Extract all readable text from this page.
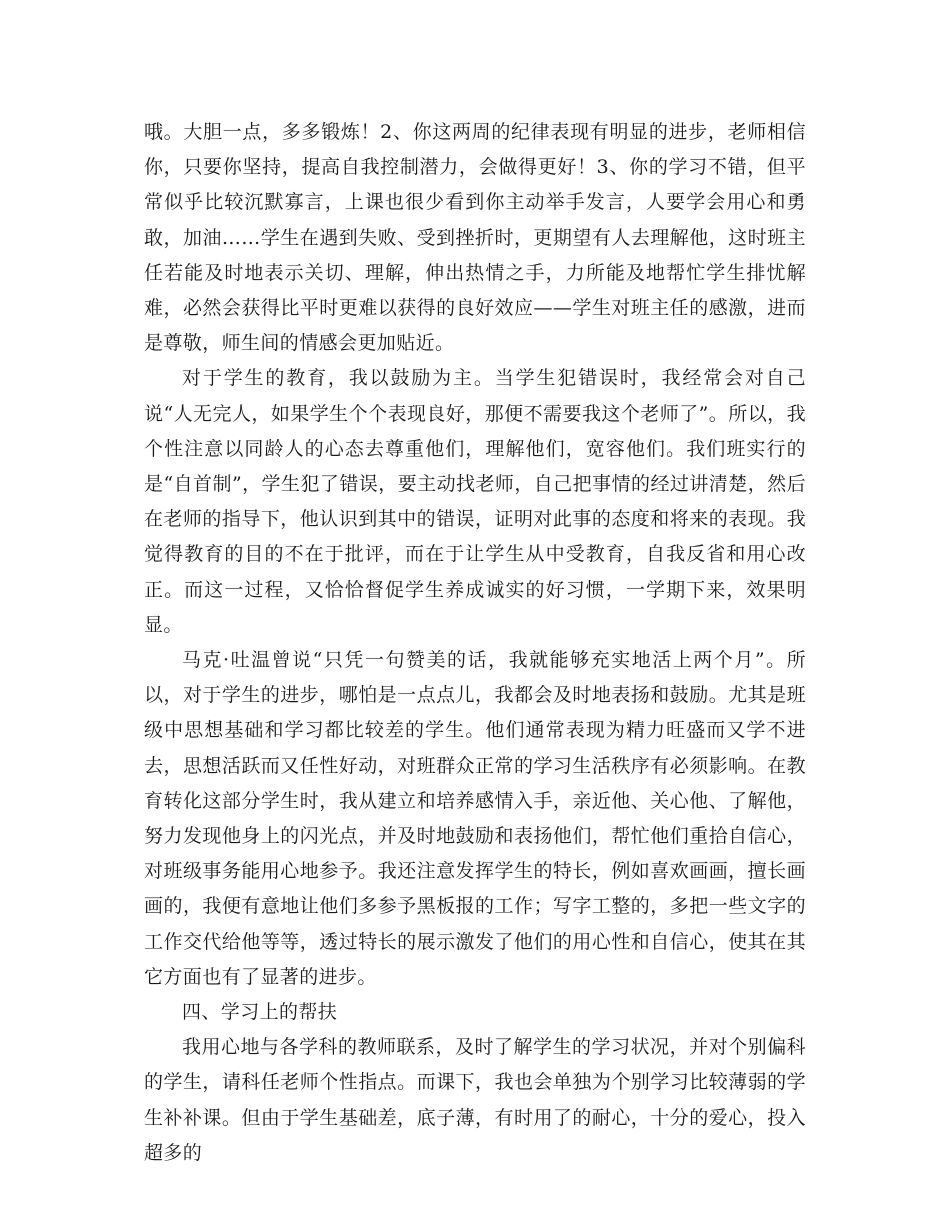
哦。大胆一点，多多锻炼！2、你这两周的纪律表现有明显的进步，老师相信你，只要你坚持，提高自我控制潜力，会做得更好！3、你的学习不错，但平常似乎比较沉默寡言，上课也很少看到你主动举手发言，人要学会用心和勇敢，加油……学生在遇到失败、受到挫折时，更期望有人去理解他，这时班主任若能及时地表示关切、理解，伸出热情之手，力所能及地帮忙学生排忧解难，必然会获得比平时更难以获得的良好效应——学生对班主任的感激，进而是尊敬，师生间的情感会更加贴近。

对于学生的教育，我以鼓励为主。当学生犯错误时，我经常会对自己说“人无完人，如果学生个个表现良好，那便不需要我这个老师了”。所以，我个性注意以同龄人的心态去尊重他们，理解他们，宽容他们。我们班实行的是“自首制”，学生犯了错误，要主动找老师，自己把事情的经过讲清楚，然后在老师的指导下，他认识到其中的错误，证明对此事的态度和将来的表现。我觉得教育的目的不在于批评，而在于让学生从中受教育，自我反省和用心改正。而这一过程，又恰恰督促学生养成诚实的好习惯，一学期下来，效果明显。

马克·吐温曾说“只凭一句赞美的话，我就能够充实地活上两个月”。所以，对于学生的进步，哪怕是一点点儿，我都会及时地表扬和鼓励。尤其是班级中思想基础和学习都比较差的学生。他们通常表现为精力旺盛而又学不进去，思想活跃而又任性好动，对班群众正常的学习生活秩序有必须影响。在教育转化这部分学生时，我从建立和培养感情入手，亲近他、关心他、了解他，努力发现他身上的闪光点，并及时地鼓励和表扬他们，帮忙他们重拾自信心，对班级事务能用心地参予。我还注意发挥学生的特长，例如喜欢画画，擅长画画的，我便有意地让他们多参予黑板报的工作；写字工整的，多把一些文字的工作交代给他等等，透过特长的展示激发了他们的用心性和自信心，使其在其它方面也有了显著的进步。

四、学习上的帮扶

我用心地与各学科的教师联系，及时了解学生的学习状况，并对个别偏科的学生，请科任老师个性指点。而课下，我也会单独为个别学习比较薄弱的学生补补课。但由于学生基础差，底子薄，有时用了的耐心，十分的爱心，投入超多的
